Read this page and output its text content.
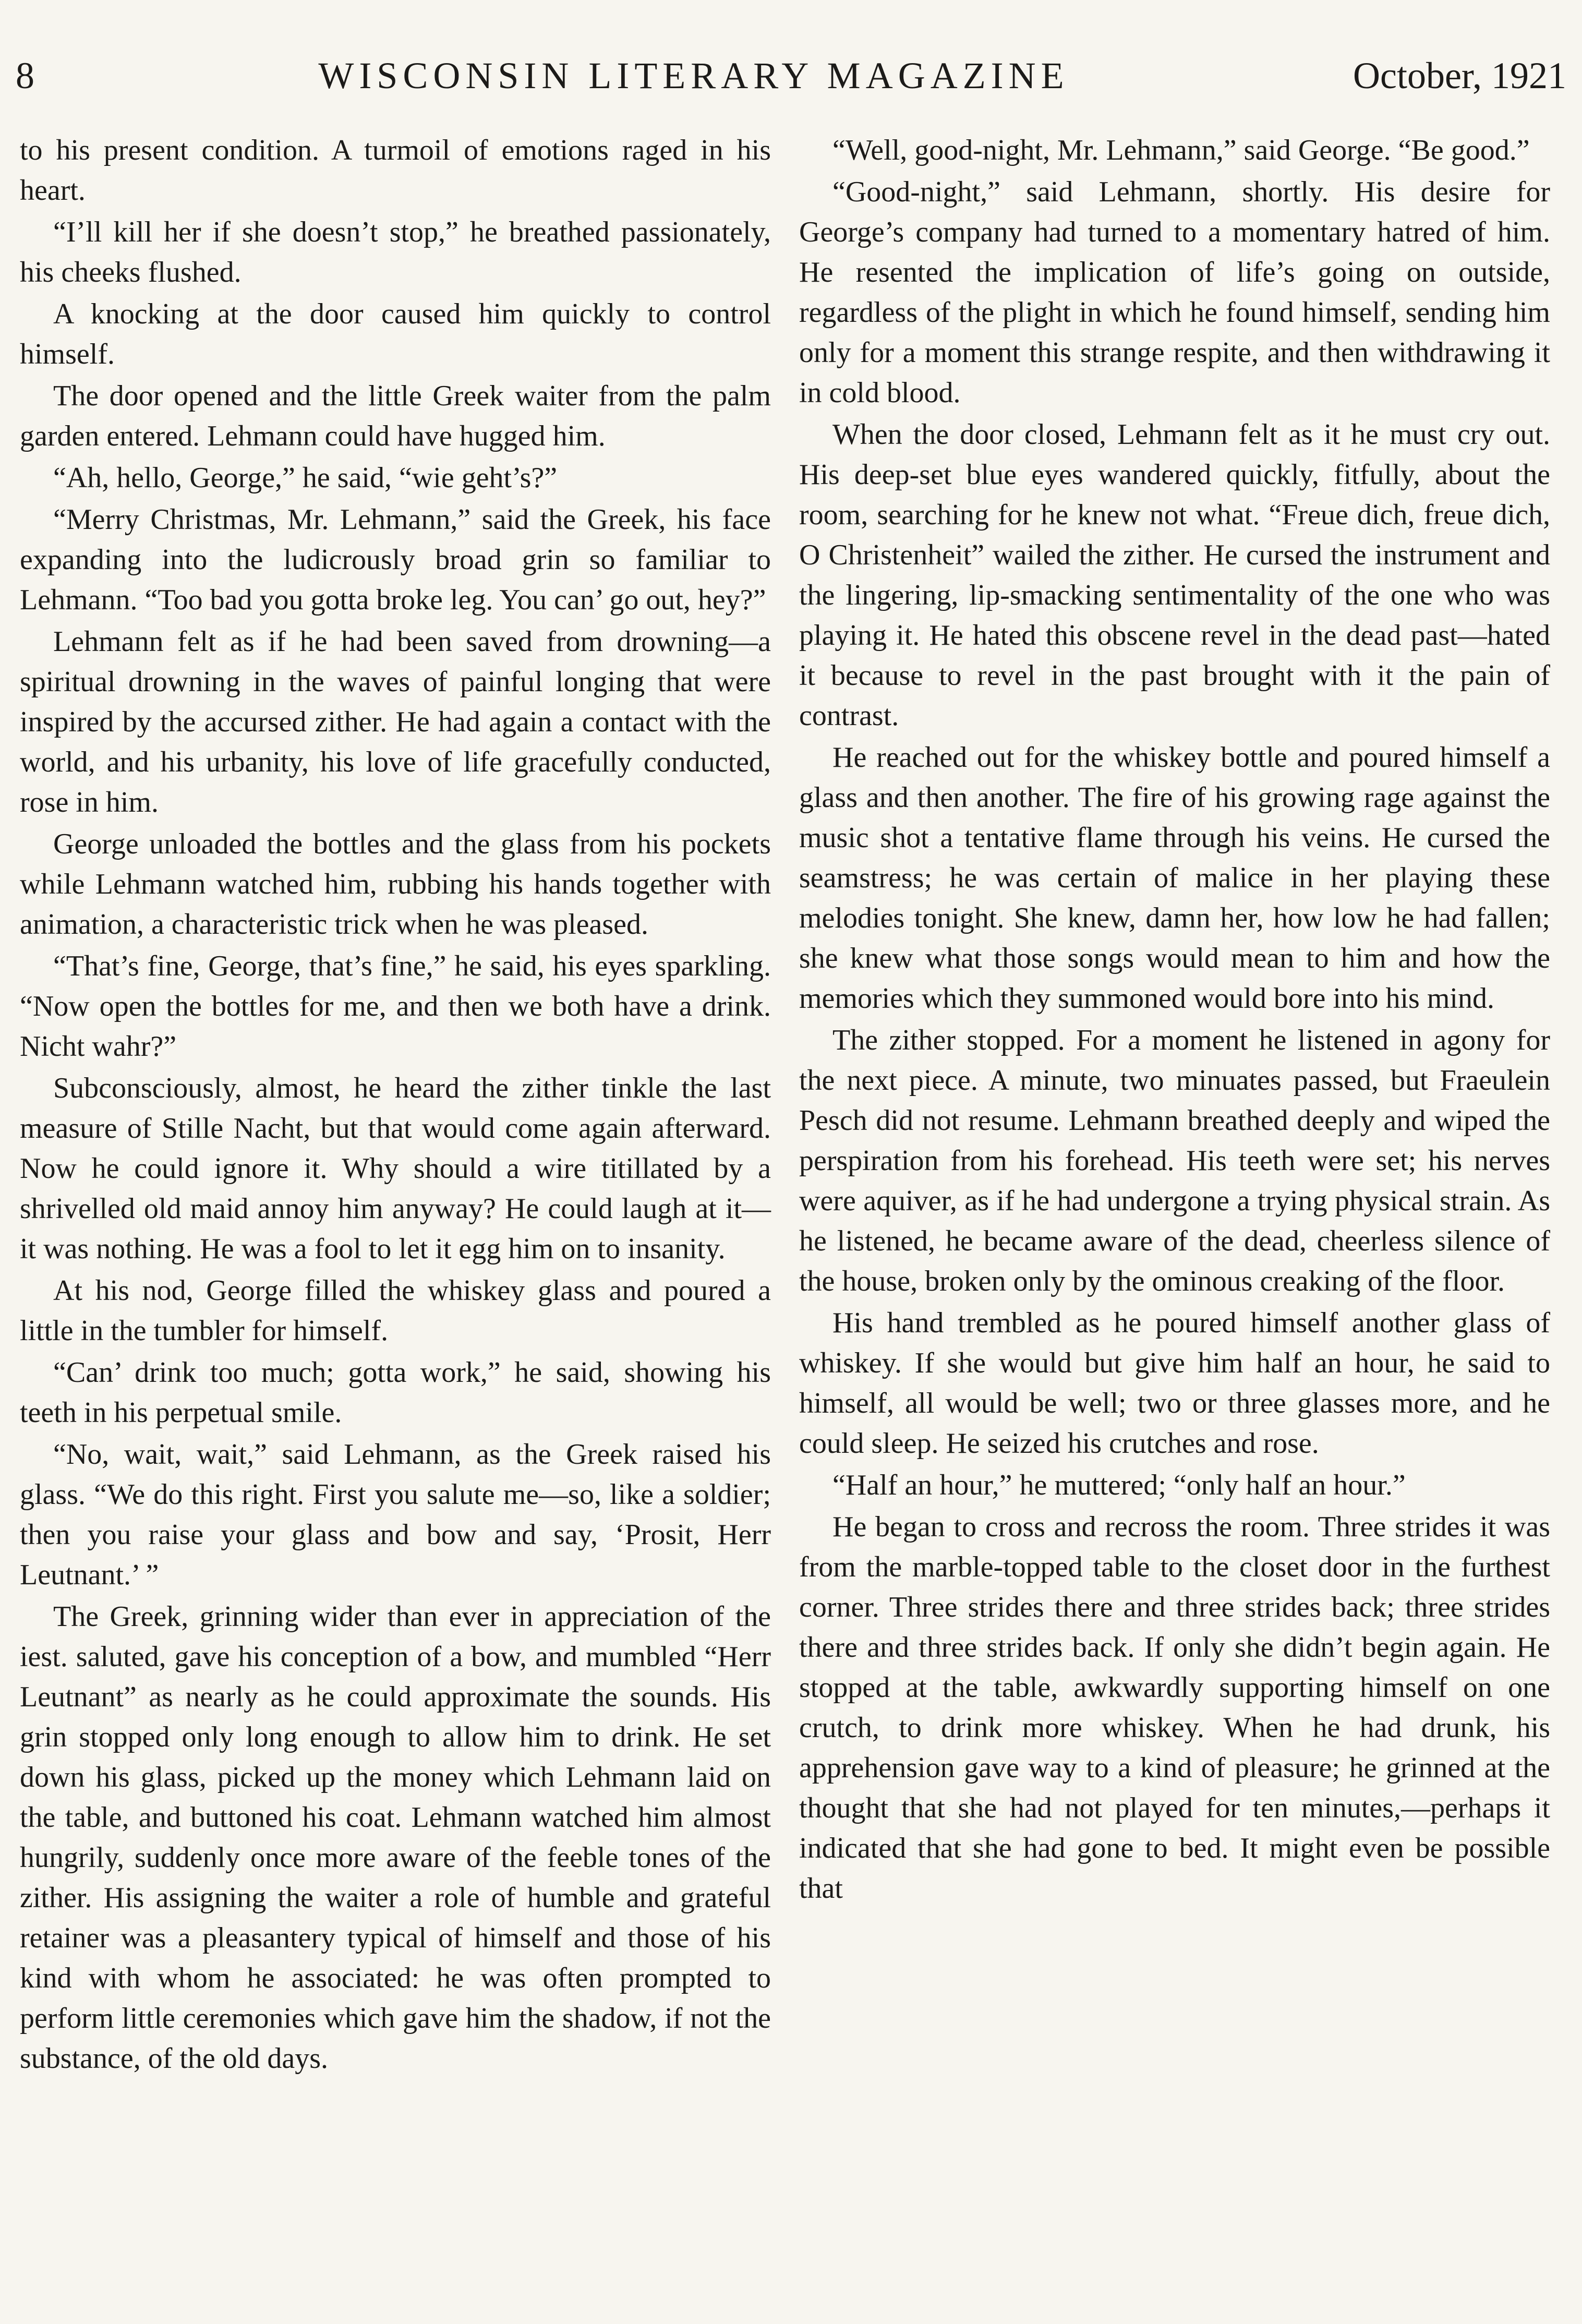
8	WISCONSIN LITERARY MAGAZINE	October, 1921

to his present condition. A turmoil of emotions raged in his heart.

“I’ll kill her if she doesn’t stop,” he breathed passionately, his cheeks flushed.

A knocking at the door caused him quickly to control himself.

The door opened and the little Greek waiter from the palm garden entered. Lehmann could have hugged him.

“Ah, hello, George,” he said, “wie geht’s?”

“Merry Christmas, Mr. Lehmann,” said the Greek, his face expanding into the ludicrously broad grin so familiar to Lehmann. “Too bad you gotta broke leg. You can’ go out, hey?”

Lehmann felt as if he had been saved from drowning—a spiritual drowning in the waves of painful longing that were inspired by the accursed zither. He had again a contact with the world, and his urbanity, his love of life gracefully conducted, rose in him.

George unloaded the bottles and the glass from his pockets while Lehmann watched him, rubbing his hands together with animation, a characteristic trick when he was pleased.

“That’s fine, George, that’s fine,” he said, his eyes sparkling. “Now open the bottles for me, and then we both have a drink. Nicht wahr?”

Subconsciously, almost, he heard the zither tinkle the last measure of Stille Nacht, but that would come again afterward. Now he could ignore it. Why should a wire titillated by a shrivelled old maid annoy him anyway? He could laugh at it—it was nothing. He was a fool to let it egg him on to insanity.

At his nod, George filled the whiskey glass and poured a little in the tumbler for himself.

“Can’ drink too much; gotta work,” he said, showing his teeth in his perpetual smile.

“No, wait, wait,” said Lehmann, as the Greek raised his glass. “We do this right. First you salute me—so, like a soldier; then you raise your glass and bow and say, ‘Prosit, Herr Leutnant.’ ”

The Greek, grinning wider than ever in appreciation of the iest. saluted, gave his conception of a bow, and mumbled “Herr Leutnant” as nearly as he could approximate the sounds. His grin stopped only long enough to allow him to drink. He set down his glass, picked up the money which Lehmann laid on the table, and buttoned his coat. Lehmann watched him almost hungrily, suddenly once more aware of the feeble tones of the zither. His assigning the waiter a role of humble and grateful retainer was a pleasantery typical of himself and those of his kind with whom he associated: he was often prompted to perform little ceremonies which gave him the shadow, if not the substance, of the old days.

“Well, good-night, Mr. Lehmann,” said George. “Be good.”

“Good-night,” said Lehmann, shortly. His desire for George’s company had turned to a momentary hatred of him. He resented the implication of life’s going on outside, regardless of the plight in which he found himself, sending him only for a moment this strange respite, and then withdrawing it in cold blood.

When the door closed, Lehmann felt as it he must cry out. His deep-set blue eyes wandered quickly, fitfully, about the room, searching for he knew not what. “Freue dich, freue dich, O Christenheit” wailed the zither. He cursed the instrument and the lingering, lip-smacking sentimentality of the one who was playing it. He hated this obscene revel in the dead past—hated it because to revel in the past brought with it the pain of contrast.

He reached out for the whiskey bottle and poured himself a glass and then another. The fire of his growing rage against the music shot a tentative flame through his veins. He cursed the seamstress; he was certain of malice in her playing these melodies tonight. She knew, damn her, how low he had fallen; she knew what those songs would mean to him and how the memories which they summoned would bore into his mind.

The zither stopped. For a moment he listened in agony for the next piece. A minute, two minuates passed, but Fraeulein Pesch did not resume. Lehmann breathed deeply and wiped the perspiration from his forehead. His teeth were set; his nerves were aquiver, as if he had undergone a trying physical strain. As he listened, he became aware of the dead, cheerless silence of the house, broken only by the ominous creaking of the floor.

His hand trembled as he poured himself another glass of whiskey. If she would but give him half an hour, he said to himself, all would be well; two or three glasses more, and he could sleep. He seized his crutches and rose.

“Half an hour,” he muttered; “only half an hour.”

He began to cross and recross the room. Three strides it was from the marble-topped table to the closet door in the furthest corner. Three strides there and three strides back; three strides there and three strides back. If only she didn’t begin again. He stopped at the table, awkwardly supporting himself on one crutch, to drink more whiskey. When he had drunk, his apprehension gave way to a kind of pleasure; he grinned at the thought that she had not played for ten minutes,—perhaps it indicated that she had gone to bed. It might even be possible that
